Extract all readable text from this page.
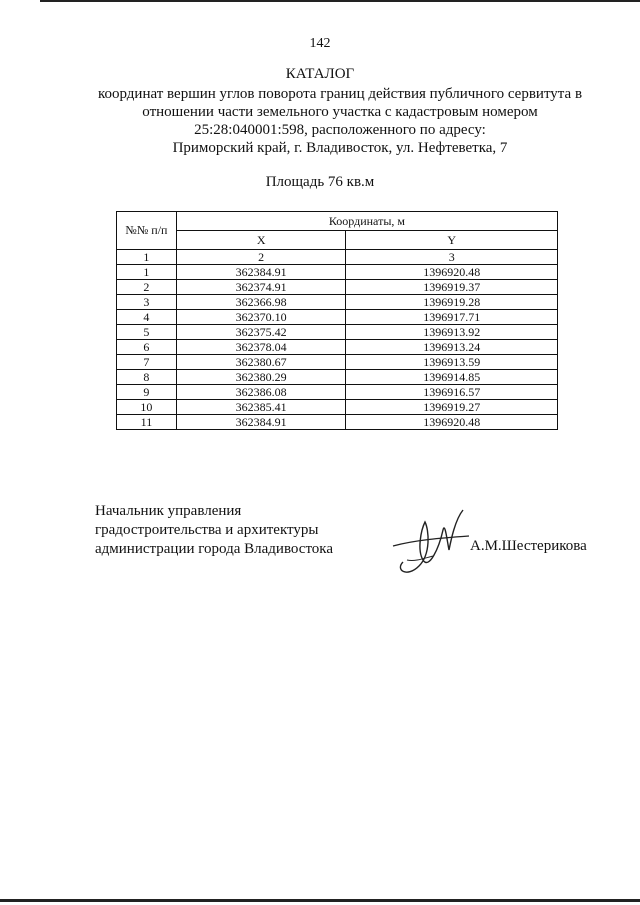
142
КАТАЛОГ
координат вершин углов поворота границ действия публичного сервитута в
отношении части земельного участка с кадастровым номером
25:28:040001:598, расположенного по адресу:
Приморский край, г. Владивосток, ул. Нефтеветка, 7
Площадь 76 кв.м
№№ п/п	Координаты, м	
	X	Y
1	2	3
1	362384.91	1396920.48
2	362374.91	1396919.37
3	362366.98	1396919.28
4	362370.10	1396917.71
5	362375.42	1396913.92
6	362378.04	1396913.24
7	362380.67	1396913.59
8	362380.29	1396914.85
9	362386.08	1396916.57
10	362385.41	1396919.27
11	362384.91	1396920.48
Начальник управления
градостроительства и архитектуры
администрации города Владивостока	А.М.Шестерикова
